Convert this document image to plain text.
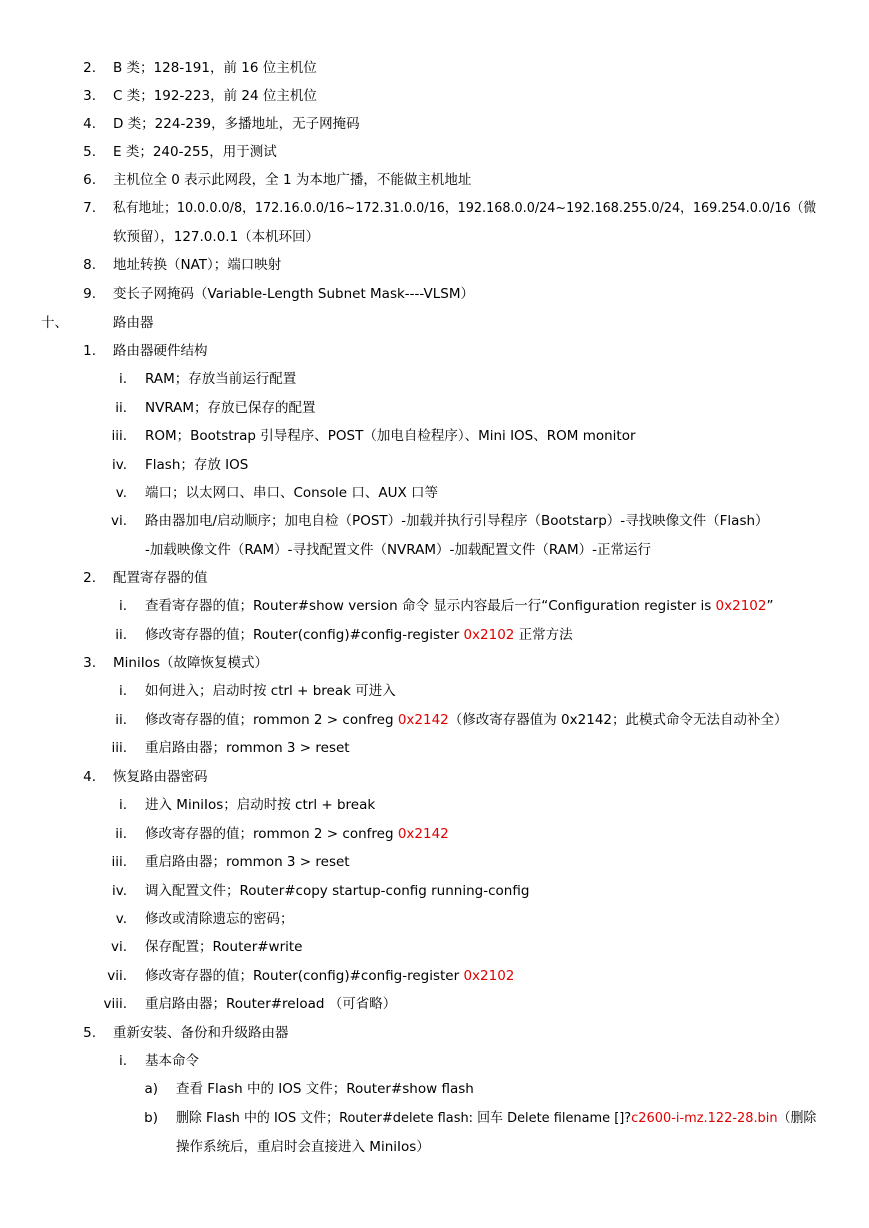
2. B 类；128-191，前 16 位主机位
3. C 类；192-223，前 24 位主机位
4. D 类；224-239，多播地址，无子网掩码
5. E 类；240-255，用于测试
6. 主机位全 0 表示此网段，全 1 为本地广播，不能做主机地址
7. 私有地址；10.0.0.0/8，172.16.0.0/16~172.31.0.0/16，192.168.0.0/24~192.168.255.0/24，169.254.0.0/16（微
软预留），127.0.0.1（本机环回）
8. 地址转换（NAT）；端口映射
9. 变长子网掩码（Variable-Length Subnet Mask----VLSM）
十、	路由器
1. 路由器硬件结构
i. RAM；存放当前运行配置
ii. NVRAM；存放已保存的配置
iii. ROM；Bootstrap 引导程序、POST（加电自检程序）、Mini IOS、ROM monitor
iv. Flash；存放 IOS
v. 端口；以太网口、串口、Console 口、AUX 口等
vi. 路由器加电/启动顺序；加电自检（POST）-加载并执行引导程序（Bootstarp）-寻找映像文件（Flash）
-加载映像文件（RAM）-寻找配置文件（NVRAM）-加载配置文件（RAM）-正常运行
2. 配置寄存器的值
i. 查看寄存器的值；Router#show version 命令 显示内容最后一行“Configuration register is 0x2102”
ii. 修改寄存器的值；Router(config)#config-register 0x2102 正常方法
3. MiniIos（故障恢复模式）
i. 如何进入；启动时按 ctrl + break 可进入
ii. 修改寄存器的值；rommon 2 > confreg 0x2142（修改寄存器值为 0x2142；此模式命令无法自动补全）
iii. 重启路由器；rommon 3 > reset
4. 恢复路由器密码
i. 进入 MiniIos；启动时按 ctrl + break
ii. 修改寄存器的值；rommon 2 > confreg 0x2142
iii. 重启路由器；rommon 3 > reset
iv. 调入配置文件；Router#copy startup-config running-config
v. 修改或清除遗忘的密码；
vi. 保存配置；Router#write
vii. 修改寄存器的值；Router(config)#config-register 0x2102
viii. 重启路由器；Router#reload （可省略）
5. 重新安装、备份和升级路由器
i. 基本命令
a) 查看 Flash 中的 IOS 文件；Router#show flash
b) 删除 Flash 中的 IOS 文件；Router#delete flash: 回车 Delete filename []?c2600-i-mz.122-28.bin（删除
操作系统后，重启时会直接进入 MiniIos）
